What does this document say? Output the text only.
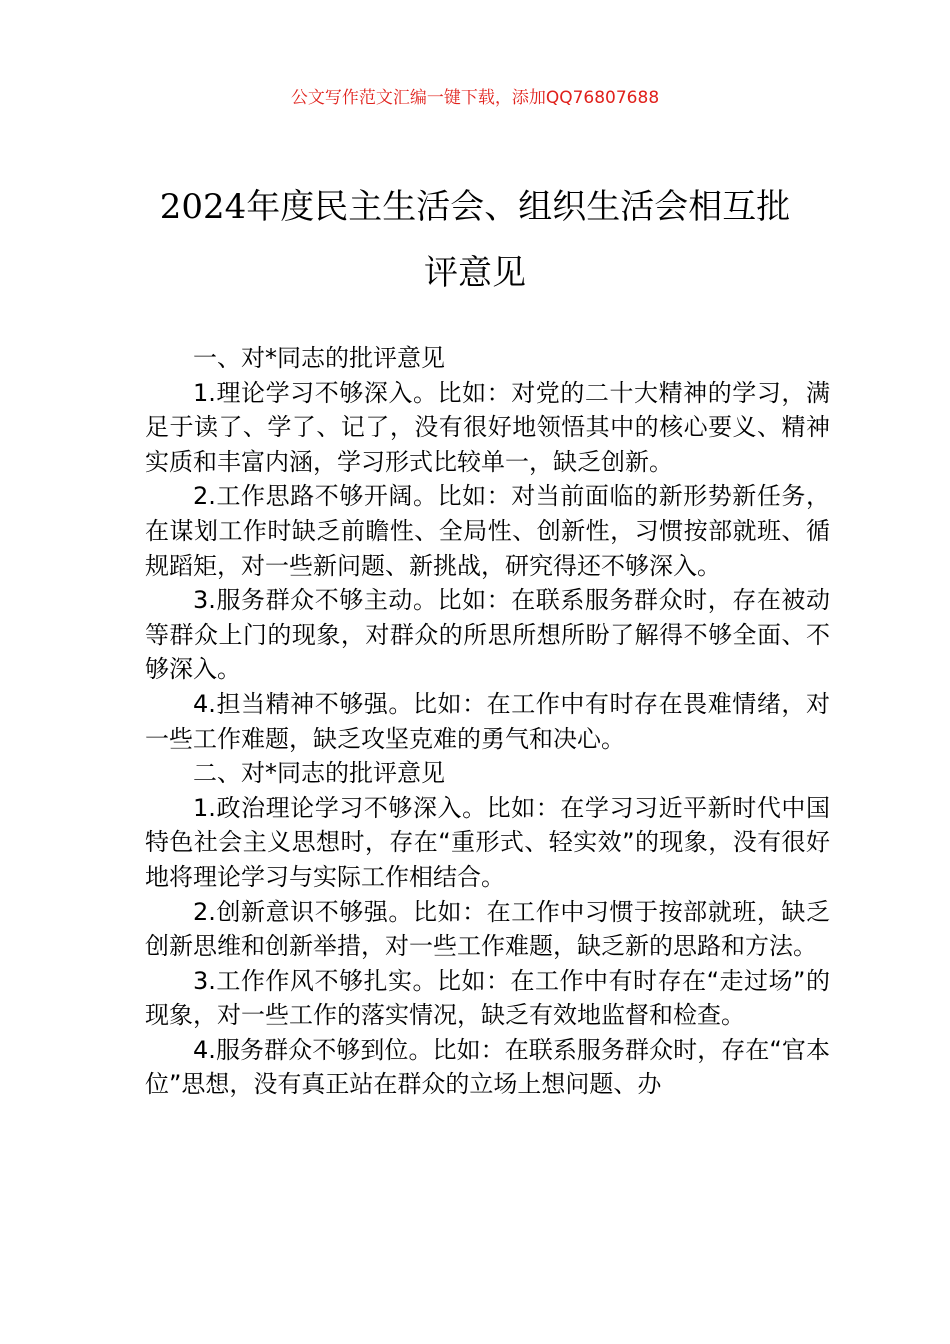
公文写作范文汇编一键下载，添加QQ76807688
2024年度民主生活会、组织生活会相互批
评意见

一、对*同志的批评意见

1.理论学习不够深入。比如：对党的二十大精神的学习，满足于读了、学了、记了，没有很好地领悟其中的核心要义、精神实质和丰富内涵，学习形式比较单一，缺乏创新。

2.工作思路不够开阔。比如：对当前面临的新形势新任务，在谋划工作时缺乏前瞻性、全局性、创新性，习惯按部就班、循规蹈矩，对一些新问题、新挑战，研究得还不够深入。

3.服务群众不够主动。比如：在联系服务群众时，存在被动等群众上门的现象，对群众的所思所想所盼了解得不够全面、不够深入。

4.担当精神不够强。比如：在工作中有时存在畏难情绪，对一些工作难题，缺乏攻坚克难的勇气和决心。

二、对*同志的批评意见

1.政治理论学习不够深入。比如：在学习习近平新时代中国特色社会主义思想时，存在“重形式、轻实效”的现象，没有很好地将理论学习与实际工作相结合。

2.创新意识不够强。比如：在工作中习惯于按部就班，缺乏创新思维和创新举措，对一些工作难题，缺乏新的思路和方法。

3.工作作风不够扎实。比如：在工作中有时存在“走过场”的现象，对一些工作的落实情况，缺乏有效地监督和检查。

4.服务群众不够到位。比如：在联系服务群众时，存在“官本位”思想，没有真正站在群众的立场上想问题、办
